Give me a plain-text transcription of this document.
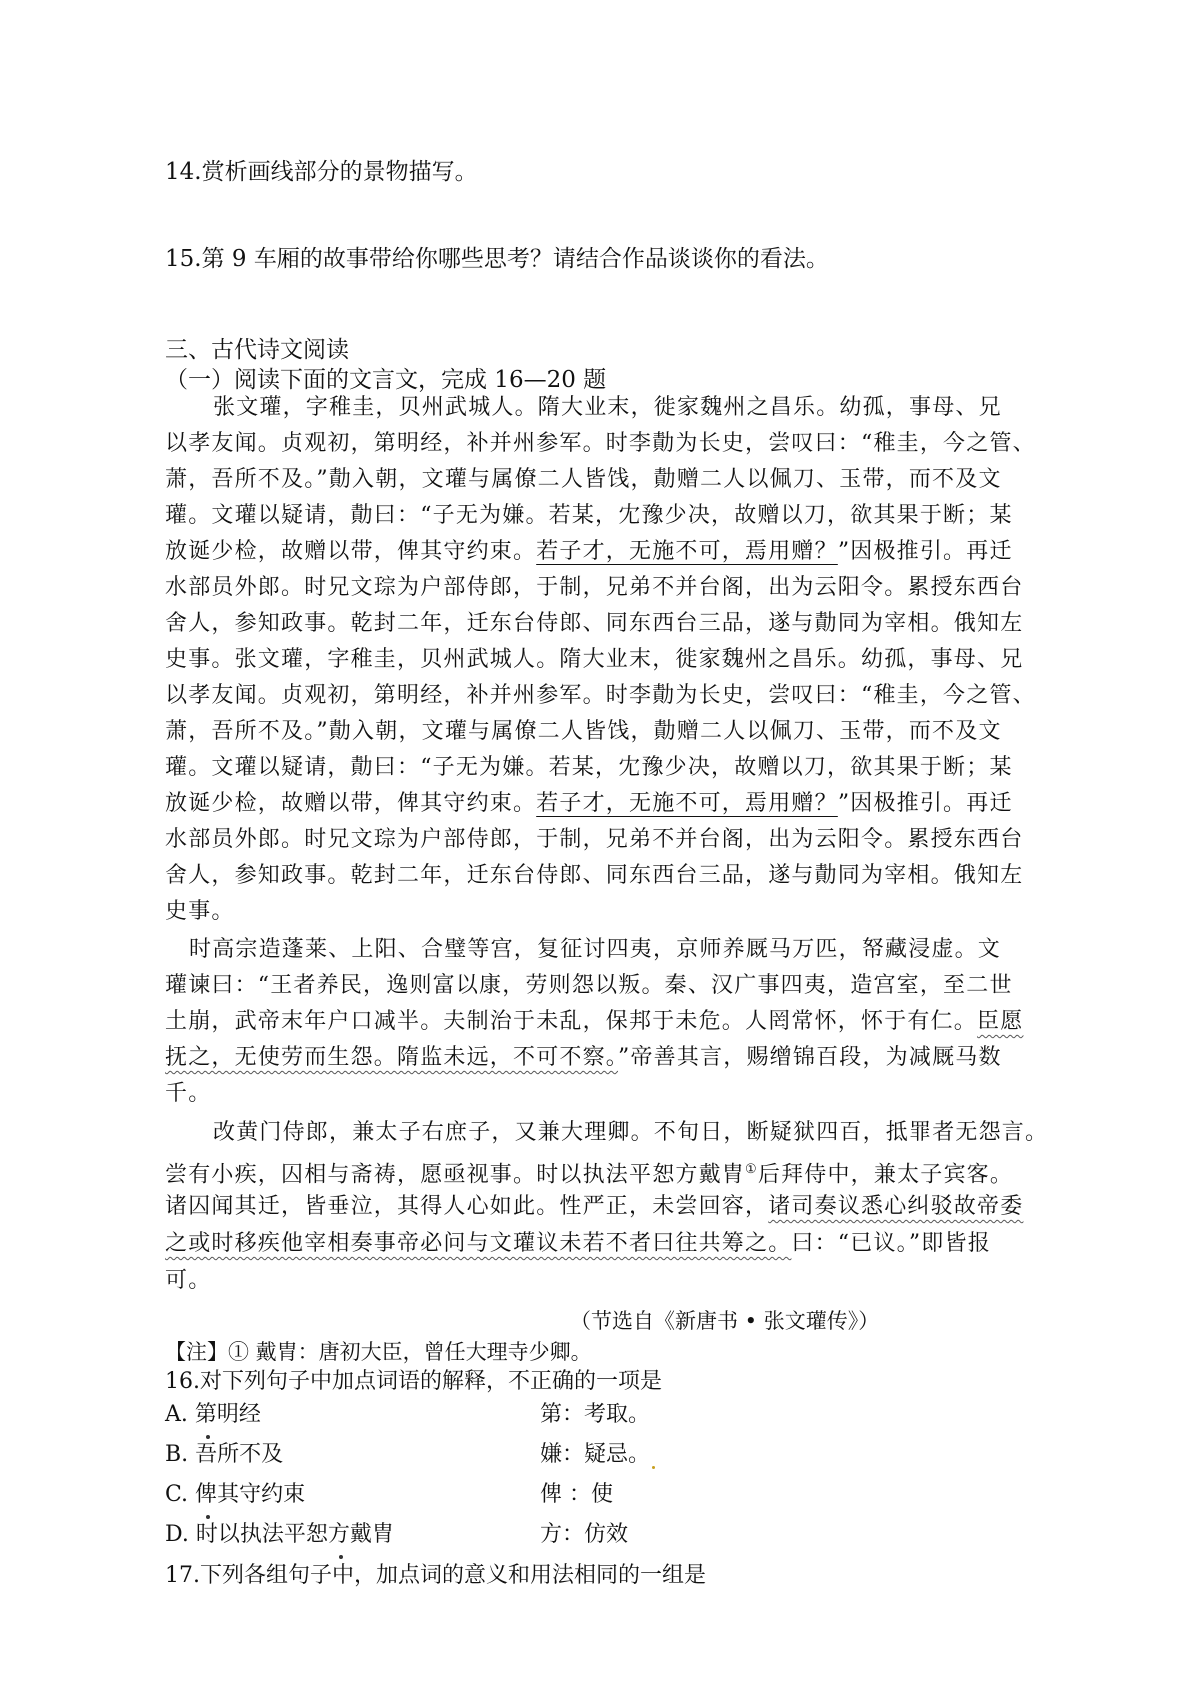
14.赏析画线部分的景物描写。
15.第 9 车厢的故事带给你哪些思考？请结合作品谈谈你的看法。
三、古代诗文阅读
（一）阅读下面的文言文，完成 16—20 题
张文瓘，字稚圭，贝州武城人。隋大业末，徙家魏州之昌乐。幼孤，事母、兄
以孝友闻。贞观初，第明经，补并州参军。时李勣为长史，尝叹曰：“稚圭，今之管、
萧，吾所不及。”勣入朝，文瓘与属僚二人皆饯，勣赠二人以佩刀、玉带，而不及文
瓘。文瓘以疑请，勣曰：“子无为嫌。若某，冘豫少决，故赠以刀，欲其果于断；某
放诞少检，故赠以带，俾其守约束。若子才，无施不可，焉用赠？”因极推引。再迁
水部员外郎。时兄文琮为户部侍郎，于制，兄弟不并台阁，出为云阳令。累授东西台
舍人，参知政事。乾封二年，迁东台侍郎、同东西台三品，遂与勣同为宰相。俄知左
史事。张文瓘，字稚圭，贝州武城人。隋大业末，徙家魏州之昌乐。幼孤，事母、兄
以孝友闻。贞观初，第明经，补并州参军。时李勣为长史，尝叹曰：“稚圭，今之管、
萧，吾所不及。”勣入朝，文瓘与属僚二人皆饯，勣赠二人以佩刀、玉带，而不及文
瓘。文瓘以疑请，勣曰：“子无为嫌。若某，冘豫少决，故赠以刀，欲其果于断；某
放诞少检，故赠以带，俾其守约束。若子才，无施不可，焉用赠？”因极推引。再迁
水部员外郎。时兄文琮为户部侍郎，于制，兄弟不并台阁，出为云阳令。累授东西台
舍人，参知政事。乾封二年，迁东台侍郎、同东西台三品，遂与勣同为宰相。俄知左
史事。
时高宗造蓬莱、上阳、合璧等宫，复征讨四夷，京师养厩马万匹，帑藏浸虚。文
瓘谏曰：“王者养民，逸则富以康，劳则怨以叛。秦、汉广事四夷，造宫室，至二世
土崩，武帝末年户口减半。夫制治于未乱，保邦于未危。人罔常怀，怀于有仁。臣愿
抚之，无使劳而生怨。隋监未远，不可不察。”帝善其言，赐缯锦百段，为减厩马数
千。
改黄门侍郎，兼太子右庶子，又兼大理卿。不旬日，断疑狱四百，抵罪者无怨言。
尝有小疾，囚相与斋祷，愿亟视事。时以执法平恕方戴胄①后拜侍中，兼太子宾客。
诸囚闻其迁，皆垂泣，其得人心如此。性严正，未尝回容，诸司奏议悉心纠驳故帝委
之或时移疾他宰相奏事帝必问与文瓘议未若不者曰往共筹之。曰：“已议。”即皆报
可。
（节选自《新唐书 • 张文瓘传》）
【注】① 戴胄：唐初大臣，曾任大理寺少卿。
16.对下列句子中加点词语的解释，不正确的一项是
A. 第明经	第：考取。
B. 吾所不及	嫌：疑忌。
C. 俾其守约束	俾 ：使
D. 时以执法平恕方戴胄	方：仿效
17.下列各组句子中，加点词的意义和用法相同的一组是
